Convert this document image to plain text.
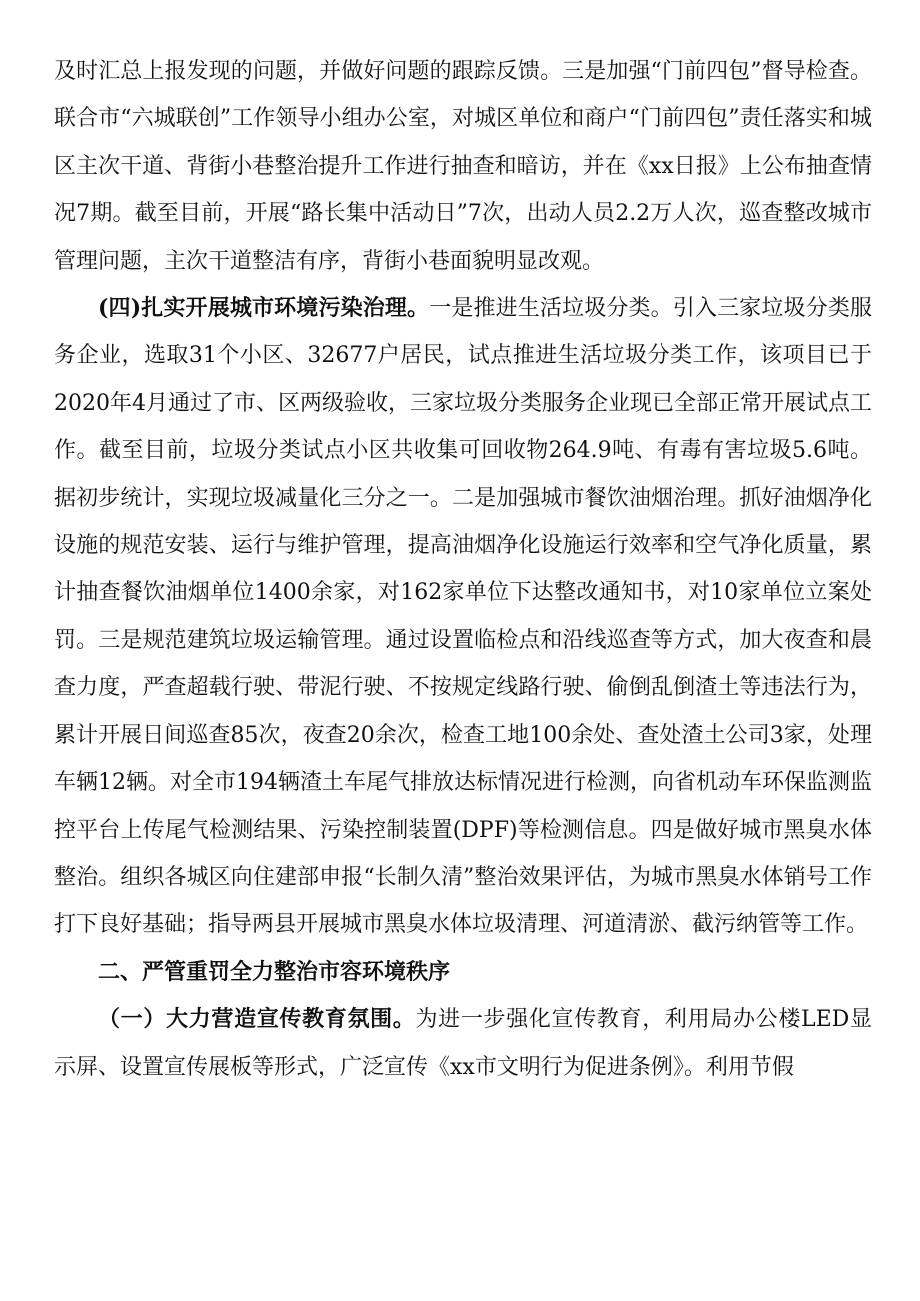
及时汇总上报发现的问题，并做好问题的跟踪反馈。三是加强“门前四包”督导检查。联合市“六城联创”工作领导小组办公室，对城区单位和商户“门前四包”责任落实和城区主次干道、背街小巷整治提升工作进行抽查和暗访，并在《xx日报》上公布抽查情况7期。截至目前，开展“路长集中活动日”7次，出动人员2.2万人次，巡查整改城市管理问题，主次干道整洁有序，背街小巷面貌明显改观。

(四)扎实开展城市环境污染治理。一是推进生活垃圾分类。引入三家垃圾分类服务企业，选取31个小区、32677户居民，试点推进生活垃圾分类工作，该项目已于2020年4月通过了市、区两级验收，三家垃圾分类服务企业现已全部正常开展试点工作。截至目前，垃圾分类试点小区共收集可回收物264.9吨、有毒有害垃圾5.6吨。据初步统计，实现垃圾减量化三分之一。二是加强城市餐饮油烟治理。抓好油烟净化设施的规范安装、运行与维护管理，提高油烟净化设施运行效率和空气净化质量，累计抽查餐饮油烟单位1400余家，对162家单位下达整改通知书，对10家单位立案处罚。三是规范建筑垃圾运输管理。通过设置临检点和沿线巡查等方式，加大夜查和晨查力度，严查超载行驶、带泥行驶、不按规定线路行驶、偷倒乱倒渣土等违法行为，累计开展日间巡查85次，夜查20余次，检查工地100余处、查处渣土公司3家，处理车辆12辆。对全市194辆渣土车尾气排放达标情况进行检测，向省机动车环保监测监控平台上传尾气检测结果、污染控制装置(DPF)等检测信息。四是做好城市黑臭水体整治。组织各城区向住建部申报“长制久清”整治效果评估，为城市黑臭水体销号工作打下良好基础；指导两县开展城市黑臭水体垃圾清理、河道清淤、截污纳管等工作。

二、严管重罚全力整治市容环境秩序

（一）大力营造宣传教育氛围。为进一步强化宣传教育，利用局办公楼LED显示屏、设置宣传展板等形式，广泛宣传《xx市文明行为促进条例》。利用节假
